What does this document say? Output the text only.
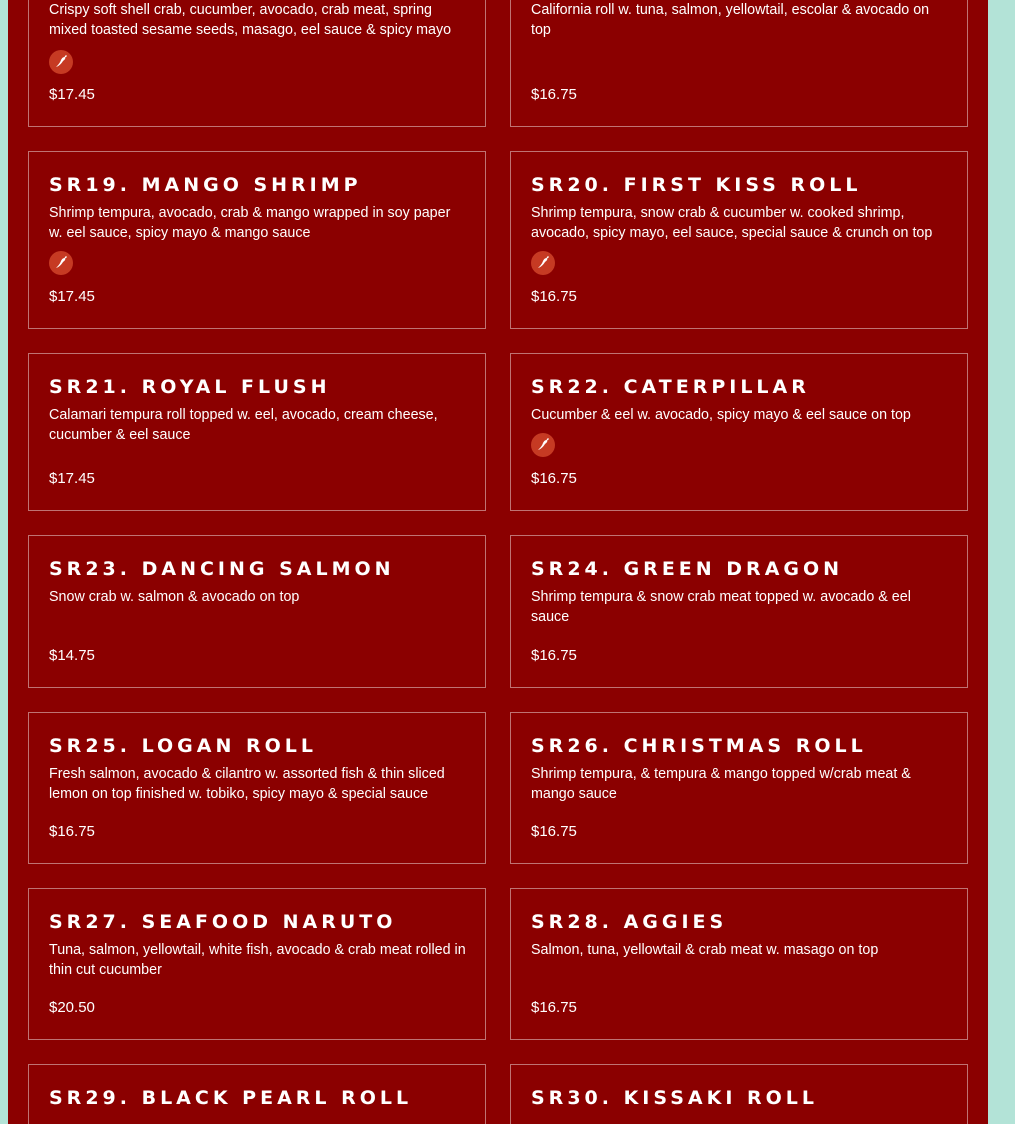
Crispy soft shell crab, cucumber, avocado, crab meat, spring mixed toasted sesame seeds, masago, eel sauce & spicy mayo
$17.45
California roll w. tuna, salmon, yellowtail, escolar & avocado on top
$16.75
SR19. MANGO SHRIMP
Shrimp tempura, avocado, crab & mango wrapped in soy paper w. eel sauce, spicy mayo & mango sauce
$17.45
SR20. FIRST KISS ROLL
Shrimp tempura, snow crab & cucumber w. cooked shrimp, avocado, spicy mayo, eel sauce, special sauce & crunch on top
$16.75
SR21. ROYAL FLUSH
Calamari tempura roll topped w. eel, avocado, cream cheese, cucumber & eel sauce
$17.45
SR22. CATERPILLAR
Cucumber & eel w. avocado, spicy mayo & eel sauce on top
$16.75
SR23. DANCING SALMON
Snow crab w. salmon & avocado on top
$14.75
SR24. GREEN DRAGON
Shrimp tempura & snow crab meat topped w. avocado & eel sauce
$16.75
SR25. LOGAN ROLL
Fresh salmon, avocado & cilantro w. assorted fish & thin sliced lemon on top finished w. tobiko, spicy mayo & special sauce
$16.75
SR26. CHRISTMAS ROLL
Shrimp tempura, & tempura & mango topped w/crab meat & mango sauce
$16.75
SR27. SEAFOOD NARUTO
Tuna, salmon, yellowtail, white fish, avocado & crab meat rolled in thin cut cucumber
$20.50
SR28. AGGIES
Salmon, tuna, yellowtail & crab meat w. masago on top
$16.75
SR29. BLACK PEARL ROLL	SR30. KISSAKI ROLL
